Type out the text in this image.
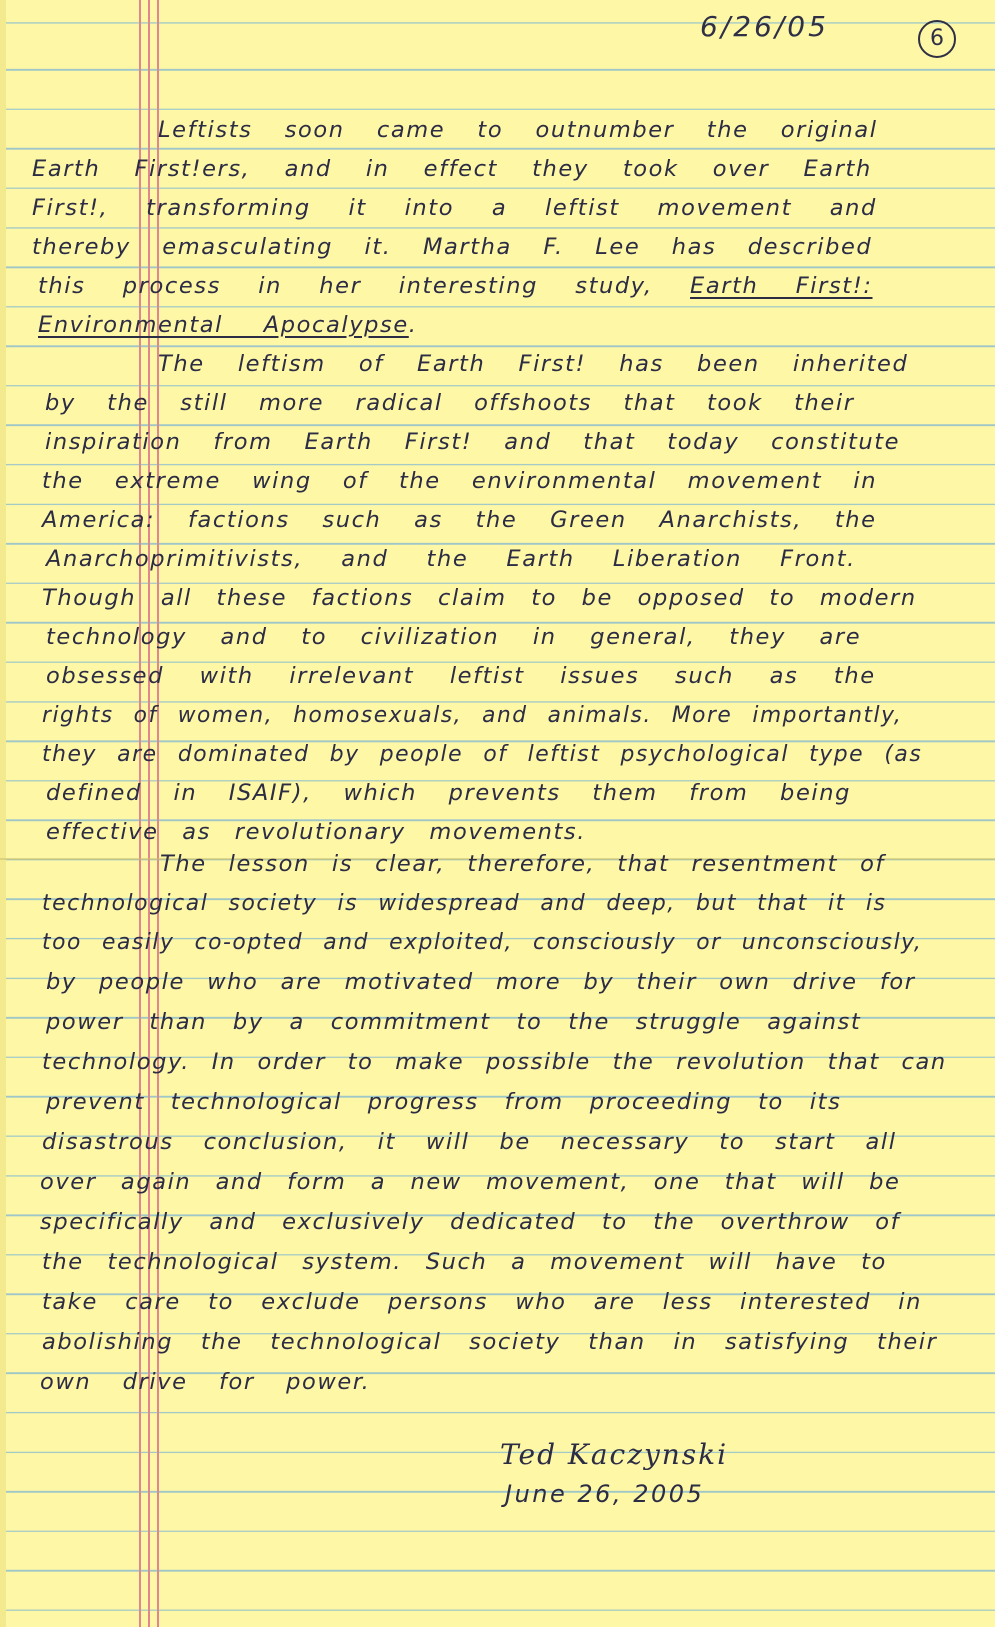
6/26/05	6
Leftists soon came to outnumber the original
Earth First!ers, and in effect they took over Earth
First!, transforming it into a leftist movement and
thereby emasculating it. Martha F. Lee has described
this process in her interesting study, Earth First!:
Environmental Apocalypse.
The leftism of Earth First! has been inherited
by the still more radical offshoots that took their
inspiration from Earth First! and that today constitute
the extreme wing of the environmental movement in
America: factions such as the Green Anarchists, the
Anarchoprimitivists, and the Earth Liberation Front.
Though all these factions claim to be opposed to modern
technology and to civilization in general, they are
obsessed with irrelevant leftist issues such as the
rights of women, homosexuals, and animals. More importantly,
they are dominated by people of leftist psychological type (as
defined in ISAIF), which prevents them from being
effective as revolutionary movements.
The lesson is clear, therefore, that resentment of
technological society is widespread and deep, but that it is
too easily co-opted and exploited, consciously or unconsciously,
by people who are motivated more by their own drive for
power than by a commitment to the struggle against
technology. In order to make possible the revolution that can
prevent technological progress from proceeding to its
disastrous conclusion, it will be necessary to start all
over again and form a new movement, one that will be
specifically and exclusively dedicated to the overthrow of
the technological system. Such a movement will have to
take care to exclude persons who are less interested in
abolishing the technological society than in satisfying their
own drive for power.
Ted Kaczynski
June 26, 2005
